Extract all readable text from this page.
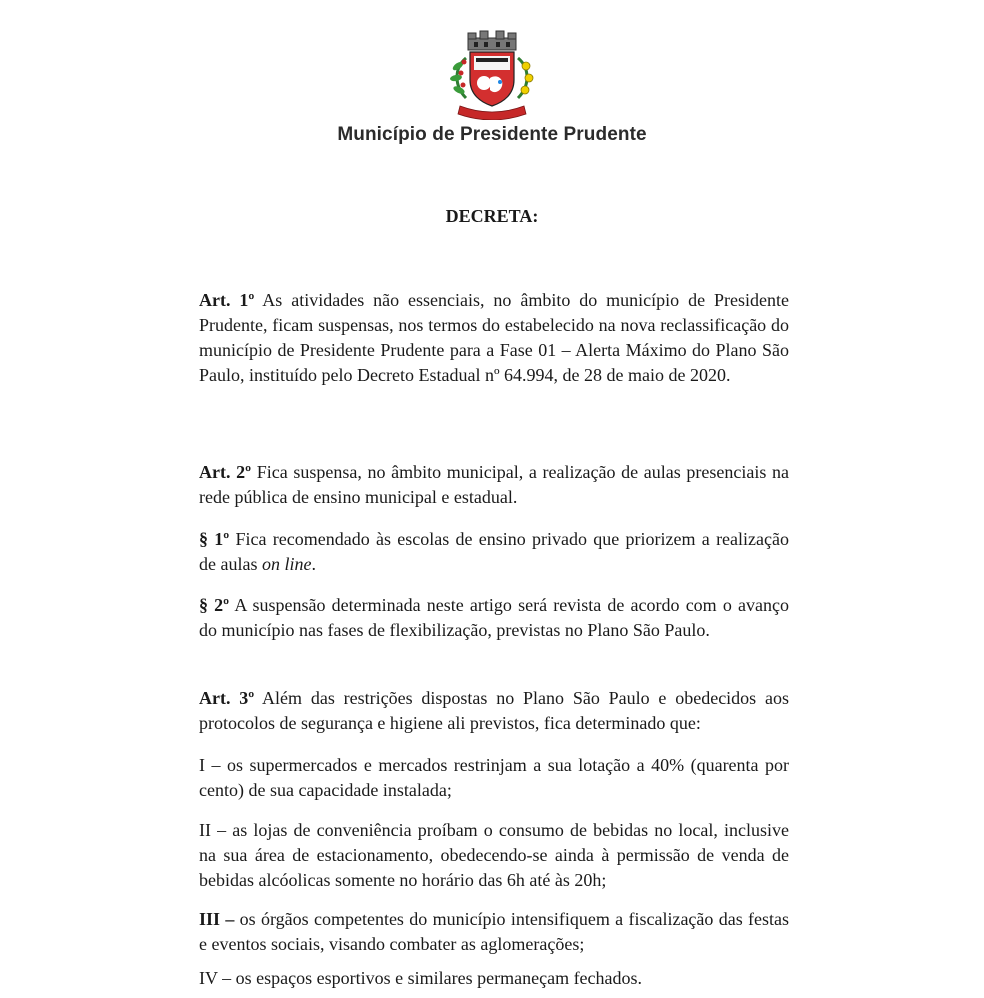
Município de Presidente Prudente
DECRETA:

Art. 1º As atividades não essenciais, no âmbito do município de Presidente Prudente, ficam suspensas, nos termos do estabelecido na nova reclassificação do município de Presidente Prudente para a Fase 01 – Alerta Máximo do Plano São Paulo, instituído pelo Decreto Estadual nº 64.994, de 28 de maio de 2020.

Art. 2º Fica suspensa, no âmbito municipal, a realização de aulas presenciais na rede pública de ensino municipal e estadual.

§ 1º Fica recomendado às escolas de ensino privado que priorizem a realização de aulas on line.

§ 2º A suspensão determinada neste artigo será revista de acordo com o avanço do município nas fases de flexibilização, previstas no Plano São Paulo.

Art. 3º Além das restrições dispostas no Plano São Paulo e obedecidos aos protocolos de segurança e higiene ali previstos, fica determinado que:

I – os supermercados e mercados restrinjam a sua lotação a 40% (quarenta por cento) de sua capacidade instalada;

II – as lojas de conveniência proíbam o consumo de bebidas no local, inclusive na sua área de estacionamento, obedecendo-se ainda à permissão de venda de bebidas alcóolicas somente no horário das 6h até às 20h;

III – os órgãos competentes do município intensifiquem a fiscalização das festas e eventos sociais, visando combater as aglomerações;

IV – os espaços esportivos e similares permaneçam fechados.
